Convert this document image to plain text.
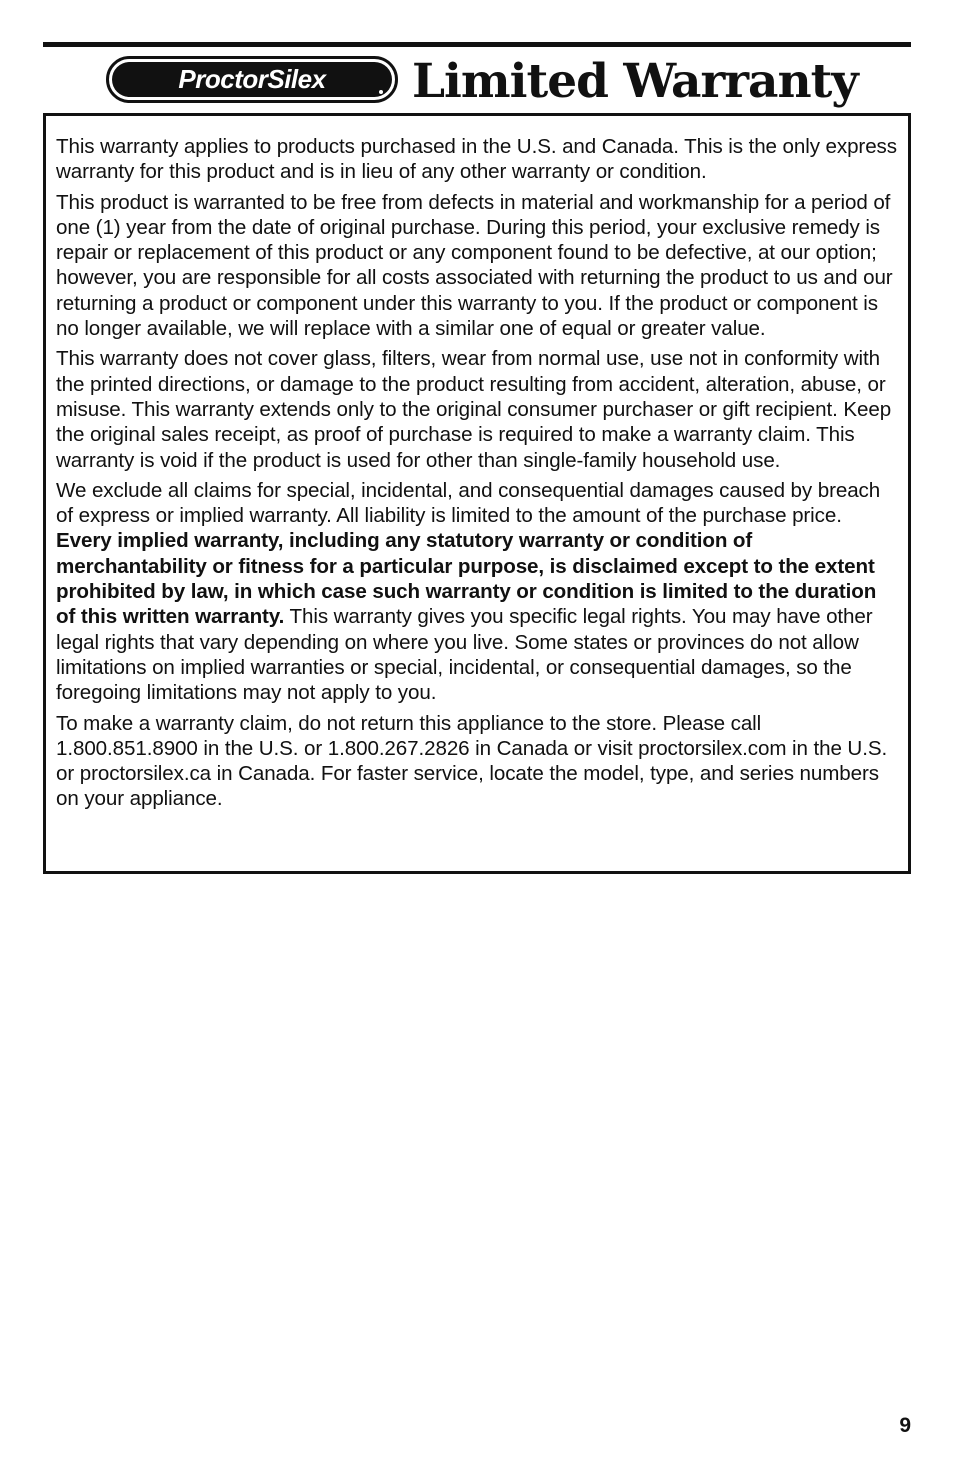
ProctorSilex Limited Warranty

This warranty applies to products purchased in the U.S. and Canada. This is the only express warranty for this product and is in lieu of any other warranty or condition.

This product is warranted to be free from defects in material and workmanship for a period of one (1) year from the date of original purchase. During this period, your exclusive remedy is repair or replacement of this product or any component found to be defective, at our option; however, you are responsible for all costs associated with returning the product to us and our returning a product or component under this warranty to you. If the product or component is no longer available, we will replace with a similar one of equal or greater value.

This warranty does not cover glass, filters, wear from normal use, use not in conformity with the printed directions, or damage to the product resulting from accident, alteration, abuse, or misuse. This warranty extends only to the original consumer purchaser or gift recipient. Keep the original sales receipt, as proof of purchase is required to make a warranty claim. This warranty is void if the product is used for other than single-family household use.

We exclude all claims for special, incidental, and consequential damages caused by breach of express or implied warranty. All liability is limited to the amount of the purchase price. Every implied warranty, including any statutory warranty or condition of merchantability or fitness for a particular purpose, is disclaimed except to the extent prohibited by law, in which case such warranty or condition is limited to the duration of this written warranty. This warranty gives you specific legal rights. You may have other legal rights that vary depending on where you live. Some states or provinces do not allow limitations on implied warranties or special, incidental, or consequential damages, so the foregoing limitations may not apply to you.

To make a warranty claim, do not return this appliance to the store. Please call 1.800.851.8900 in the U.S. or 1.800.267.2826 in Canada or visit proctorsilex.com in the U.S. or proctorsilex.ca in Canada. For faster service, locate the model, type, and series numbers on your appliance.

9
